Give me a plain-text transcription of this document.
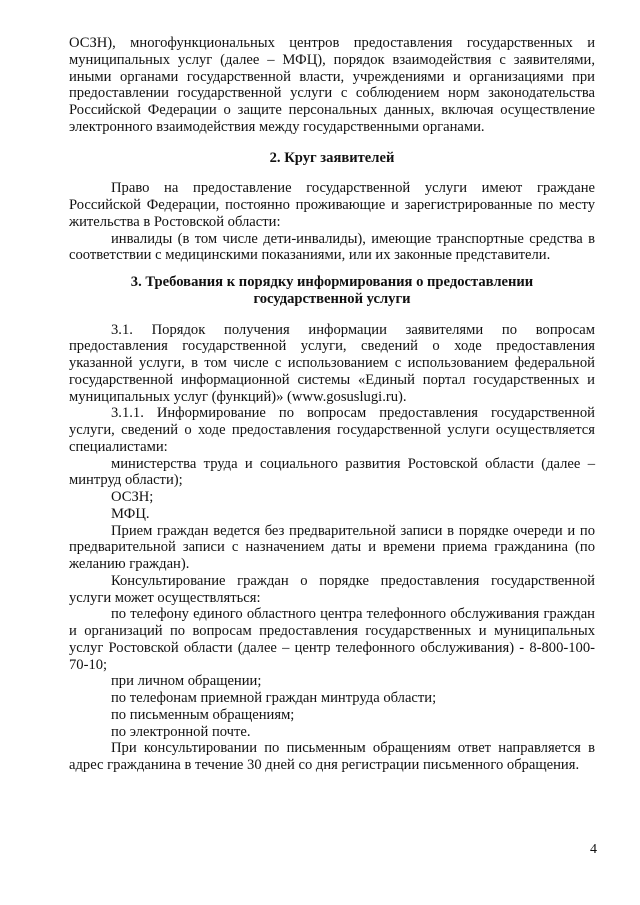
ОСЗН), многофункциональных центров предоставления государственных и муниципальных услуг (далее – МФЦ), порядок взаимодействия с заявителями, иными органами государственной власти, учреждениями и организациями при предоставлении государственной услуги с соблюдением норм законодательства Российской Федерации о защите персональных данных, включая осуществление электронного взаимодействия между государственными органами.

2. Круг заявителей

Право на предоставление государственной услуги имеют граждане Российской Федерации, постоянно проживающие и зарегистрированные по месту жительства в Ростовской области:

инвалиды (в том числе дети-инвалиды), имеющие транспортные средства в соответствии с медицинскими показаниями, или их законные представители.

3. Требования к порядку информирования о предоставлении
государственной услуги

3.1. Порядок получения информации заявителями по вопросам предоставления государственной услуги, сведений о ходе предоставления указанной услуги, в том числе с использованием с использованием федеральной государственной информационной системы «Единый портал государственных и муниципальных услуг (функций)» (www.gosuslugi.ru).

3.1.1. Информирование по вопросам предоставления государственной услуги, сведений о ходе предоставления государственной услуги осуществляется специалистами:

министерства труда и социального развития Ростовской области (далее – минтруд области);

ОСЗН;

МФЦ.

Прием граждан ведется без предварительной записи в порядке очереди и по предварительной записи с назначением даты и времени приема гражданина (по желанию граждан).

Консультирование граждан о порядке предоставления государственной услуги может осуществляться:

по телефону единого областного центра телефонного обслуживания граждан и организаций по вопросам предоставления государственных и муниципальных услуг Ростовской области (далее – центр телефонного обслуживания) - 8-800-100-70-10;

при личном обращении;

по телефонам приемной граждан минтруда области;

по письменным обращениям;

по электронной почте.

При консультировании по письменным обращениям ответ направляется в адрес гражданина в течение 30 дней со дня регистрации письменного обращения.

4
